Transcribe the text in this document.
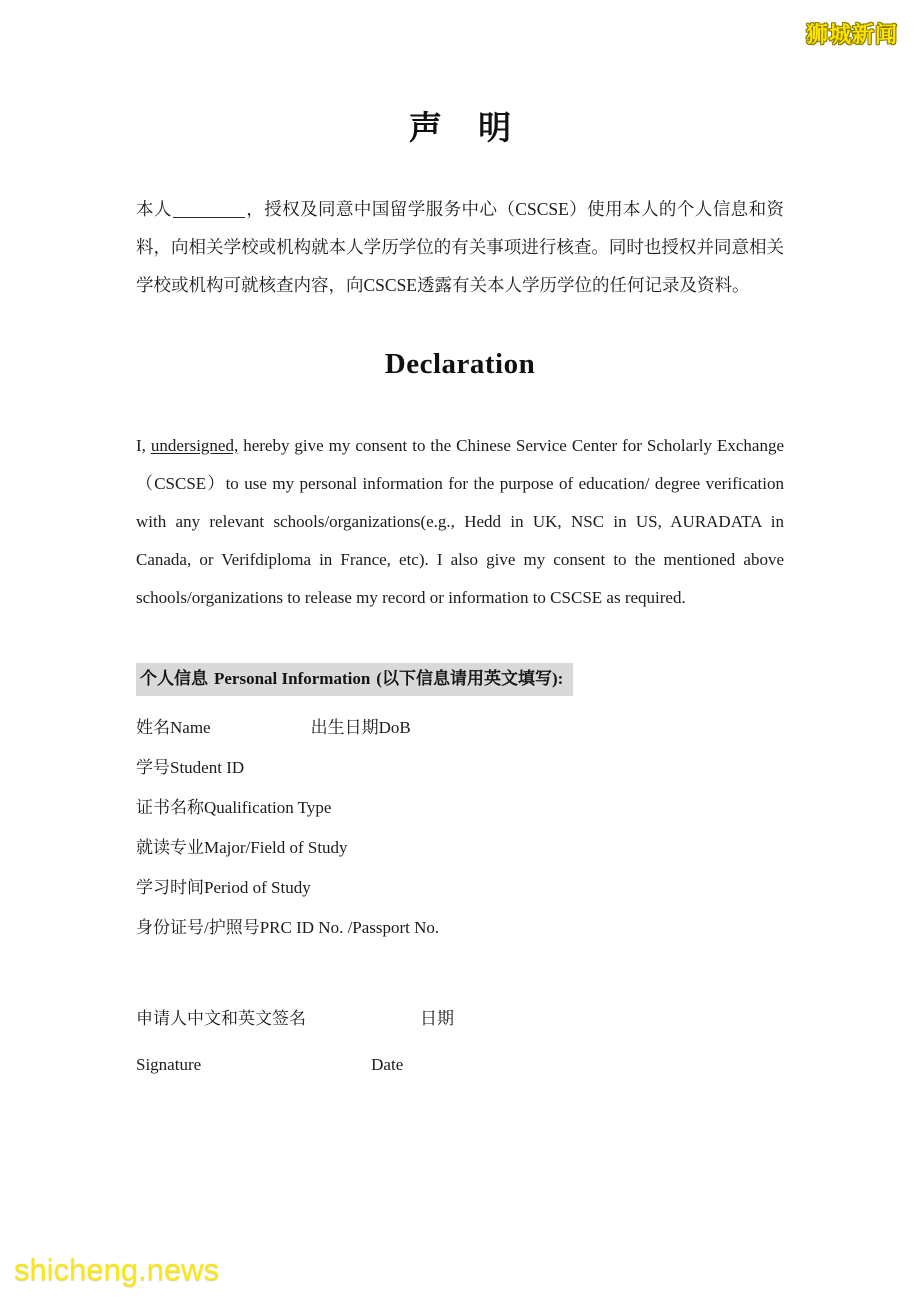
狮城新闻
声 明
本人	，授权及同意中国留学服务中心（CSCSE）使用本人的个人信息和资料，向相关学校或机构就本人学历学位的有关事项进行核查。同时也授权并同意相关学校或机构可就核查内容，向CSCSE透露有关本人学历学位的任何记录及资料。
Declaration
I, undersigned, hereby give my consent to the Chinese Service Center for Scholarly Exchange（CSCSE）to use my personal information for the purpose of education/ degree verification with any relevant schools/organizations(e.g., Hedd in UK, NSC in US, AURADATA in Canada, or Verifdiploma in France, etc). I also give my consent to the mentioned above schools/organizations to release my record or information to CSCSE as required.
个人信息 Personal Information (以下信息请用英文填写):
姓名Name	出生日期DoB
学号Student ID
证书名称Qualification Type
就读专业Major/Field of Study
学习时间Period of Study
身份证号/护照号PRC ID No. /Passport No.
申请人中文和英文签名	日期
Signature	Date
shicheng.news
